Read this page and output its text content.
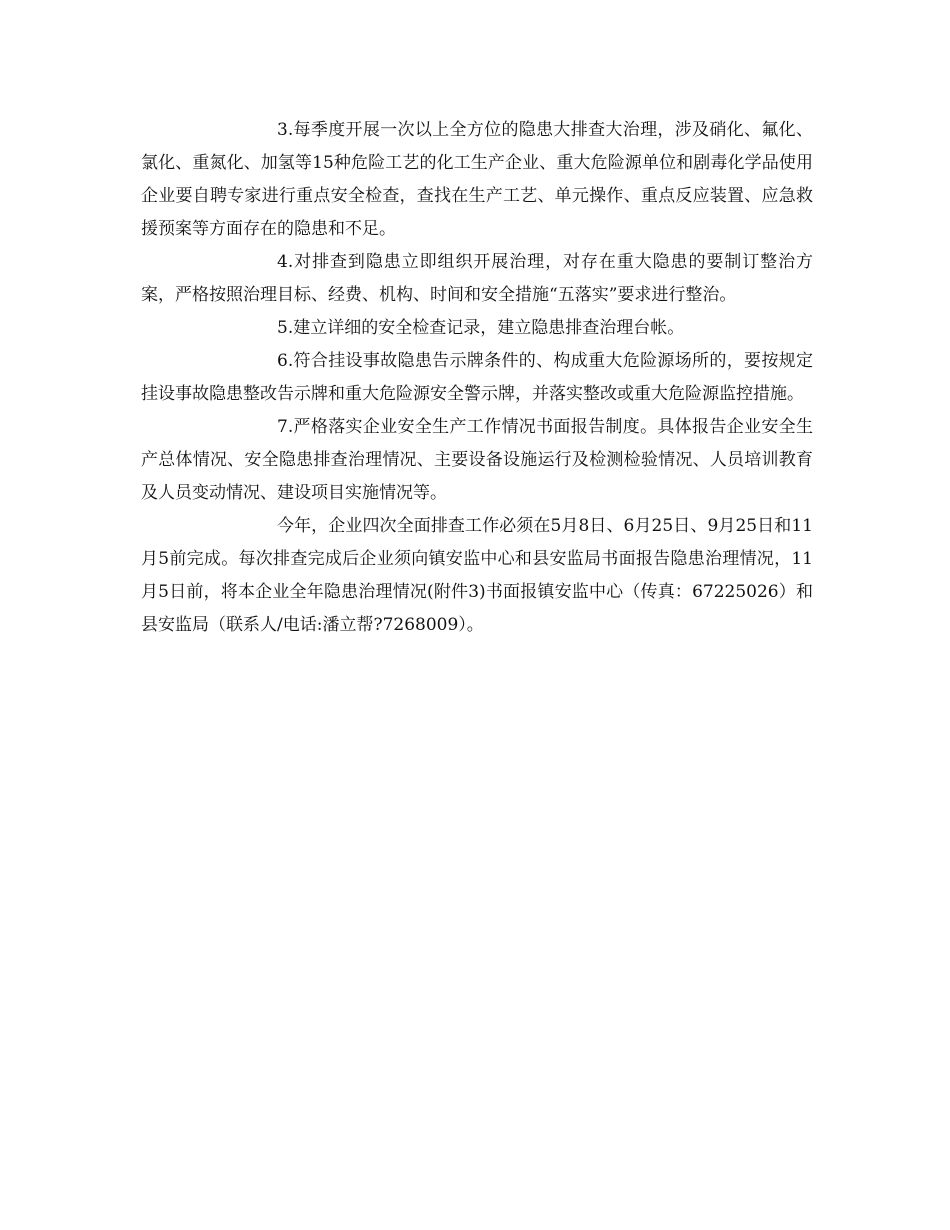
3.每季度开展一次以上全方位的隐患大排查大治理，涉及硝化、氟化、氯化、重氮化、加氢等15种危险工艺的化工生产企业、重大危险源单位和剧毒化学品使用企业要自聘专家进行重点安全检查，查找在生产工艺、单元操作、重点反应装置、应急救援预案等方面存在的隐患和不足。

4.对排查到隐患立即组织开展治理，对存在重大隐患的要制订整治方案，严格按照治理目标、经费、机构、时间和安全措施“五落实”要求进行整治。

5.建立详细的安全检查记录，建立隐患排查治理台帐。

6.符合挂设事故隐患告示牌条件的、构成重大危险源场所的，要按规定挂设事故隐患整改告示牌和重大危险源安全警示牌，并落实整改或重大危险源监控措施。

7.严格落实企业安全生产工作情况书面报告制度。具体报告企业安全生产总体情况、安全隐患排查治理情况、主要设备设施运行及检测检验情况、人员培训教育及人员变动情况、建设项目实施情况等。

今年，企业四次全面排查工作必须在5月8日、6月25日、9月25日和11月5前完成。每次排查完成后企业须向镇安监中心和县安监局书面报告隐患治理情况，11月5日前，将本企业全年隐患治理情况(附件3)书面报镇安监中心（传真：67225026）和县安监局（联系人/电话:潘立帮?7268009）。
